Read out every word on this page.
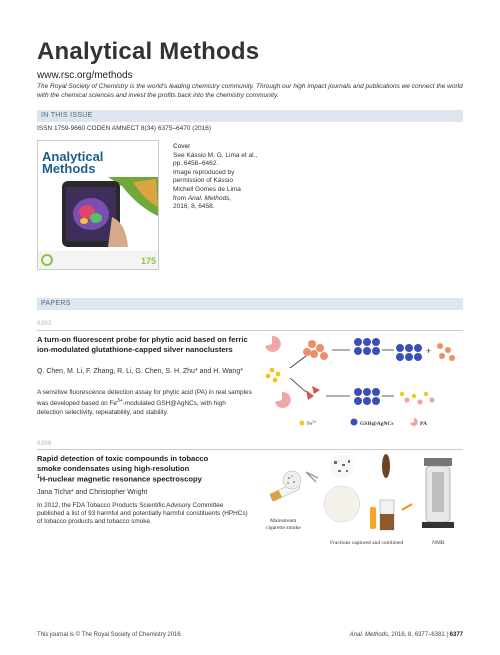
Analytical Methods
www.rsc.org/methods
The Royal Society of Chemistry is the world’s leading chemistry community. Through our high impact journals and publications we connect the world with the chemical sciences and invest the profits back into the chemistry community.
IN THIS ISSUE
ISSN 1759-9660 CODEN AMNECT 8(34) 6375–6470 (2016)
Analytical
Methods
175
Cover
See Kássio M. G. Lima et al.,
pp. 6458–6462.
Image reproduced by
permission of Kássio
Michell Gomes de Lima
from Anal. Methods,
2016, 8, 6458.
PAPERS
6382
A turn-on fluorescent probe for phytic acid based on ferric ion-modulated glutathione-capped silver nanoclusters
Q. Chen, M. Li, F. Zhang, R. Li, G. Chen, S. H. Zhu* and H. Wang*
A sensitive fluorescence detection assay for phytic acid (PA) in real samples was developed based on $Fe^{3+}$-modulated GSH@AgNCs, with high detection selectivity, repeatability, and stability.
+
$Fe^{3+}$	GSH@AgNCs	PA
6388
Rapid detection of toxic compounds in tobacco
smoke condensates using high-resolution
$^1$H-nuclear magnetic resonance spectroscopy
Jana Ticha* and Christopher Wright
In 2012, the FDA Tobacco Products Scientific Advisory Committee published a list of 93 harmful and potentially harmful constituents (HPHCs) of tobacco products and tobacco smoke.	Mainstream
cigarette smoke
NMR
Fractions captured and combined
This journal is © The Royal Society of Chemistry 2016	Anal. Methods, 2016, 8, 6377–6381 | 6377
